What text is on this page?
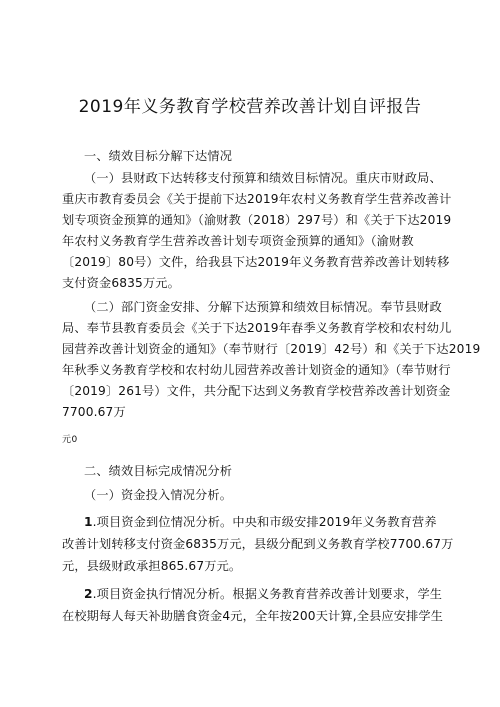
2019年义务教育学校营养改善计划自评报告
一、绩效目标分解下达情况
（一）县财政下达转移支付预算和绩效目标情况。重庆市财政局、
重庆市教育委员会《关于提前下达2019年农村义务教育学生营养改善计
划专项资金预算的通知》（渝财教（2018）297号）和《关于下达2019
年农村义务教育学生营养改善计划专项资金预算的通知》（渝财教
〔2019〕80号）文件，给我县下达2019年义务教育营养改善计划转移
支付资金6835万元。
（二）部门资金安排、分解下达预算和绩效目标情况。奉节县财政
局、奉节县教育委员会《关于下达2019年春季义务教育学校和农村幼儿
园营养改善计划资金的通知》（奉节财行〔2019〕42号）和《关于下达2019
年秋季义务教育学校和农村幼儿园营养改善计划资金的通知》（奉节财行
〔2019〕261号）文件，共分配下达到义务教育学校营养改善计划资金
7700.67万
元0
二、绩效目标完成情况分析
（一）资金投入情况分析。
1.项目资金到位情况分析。中央和市级安排2019年义务教育营养
改善计划转移支付资金6835万元，县级分配到义务教育学校7700.67万
元，县级财政承担865.67万元。
2.项目资金执行情况分析。根据义务教育营养改善计划要求，学生
在校期每人每天补助膳食资金4元，全年按200天计算,全县应安排学生
